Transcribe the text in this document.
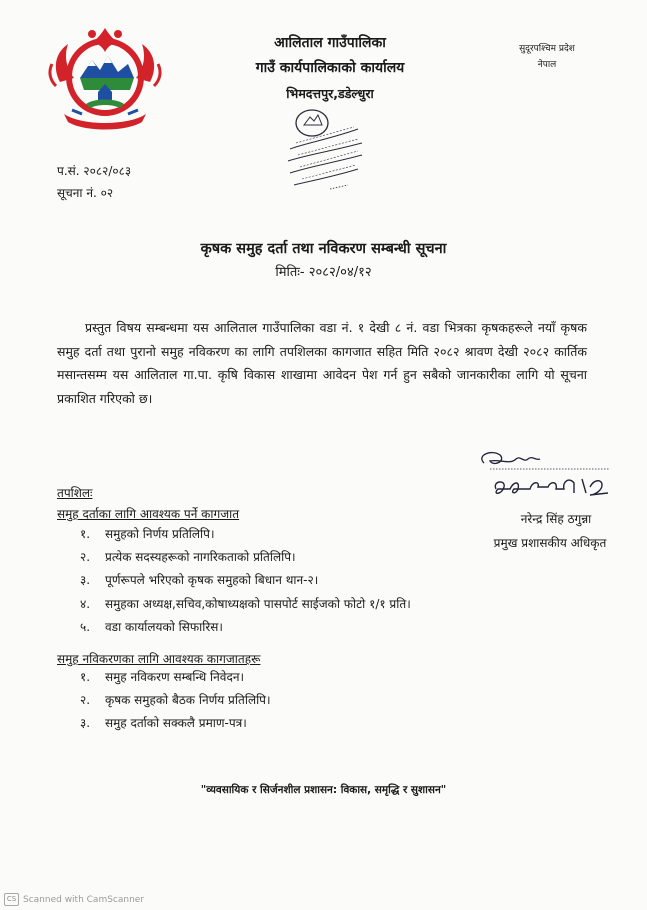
आलिताल गाउँपालिका
गाउँ कार्यपालिकाको कार्यालय
भिमदत्तपुर,डडेल्धुरा
सुदूरपश्चिम प्रदेश
नेपाल
प.सं. २०८२/०८३
सूचना नं. ०२
कृषक समुह दर्ता तथा नविकरण सम्बन्धी सूचना
मितिः- २०८२/०४/१२

प्रस्तुत विषय सम्बन्धमा यस आलिताल गाउँपालिका वडा नं. १ देखी ८ नं. वडा भित्रका कृषकहरूले नयाँ कृषक समुह दर्ता तथा पुरानो समुह नविकरण का लागि तपशिलका कागजात सहित मिति २०८२ श्रावण देखी २०८२ कार्तिक मसान्तसम्म यस आलिताल गा.पा. कृषि विकास शाखामा आवेदन पेश गर्न हुन सबैको जानकारीका लागि यो सूचना प्रकाशित गरिएको छ।

नरेन्द्र सिंह ठगुन्ना
प्रमुख प्रशासकीय अधिकृत
तपशिलः
समुह दर्ताका लागि आवश्यक पर्ने कागजात
१.	समुहको निर्णय प्रतिलिपि।
२.	प्रत्येक सदस्यहरूको नागरिकताको प्रतिलिपि।
३.	पूर्णरूपले भरिएको कृषक समुहको बिधान थान-२।
४.	समुहका अध्यक्ष,सचिव,कोषाध्यक्षको पासपोर्ट साईजको फोटो १/१ प्रति।
५.	वडा कार्यालयको सिफारिस।
समुह नविकरणका लागि आवश्यक कागजातहरू
१.	समुह नविकरण सम्बन्धि निवेदन।
२.	कृषक समुहको बैठक निर्णय प्रतिलिपि।
३.	समुह दर्ताको सक्कलै प्रमाण-पत्र।
"व्यवसायिक र सिर्जनशील प्रशासन: विकास, समृद्धि र सुशासन"
CS Scanned with CamScanner
